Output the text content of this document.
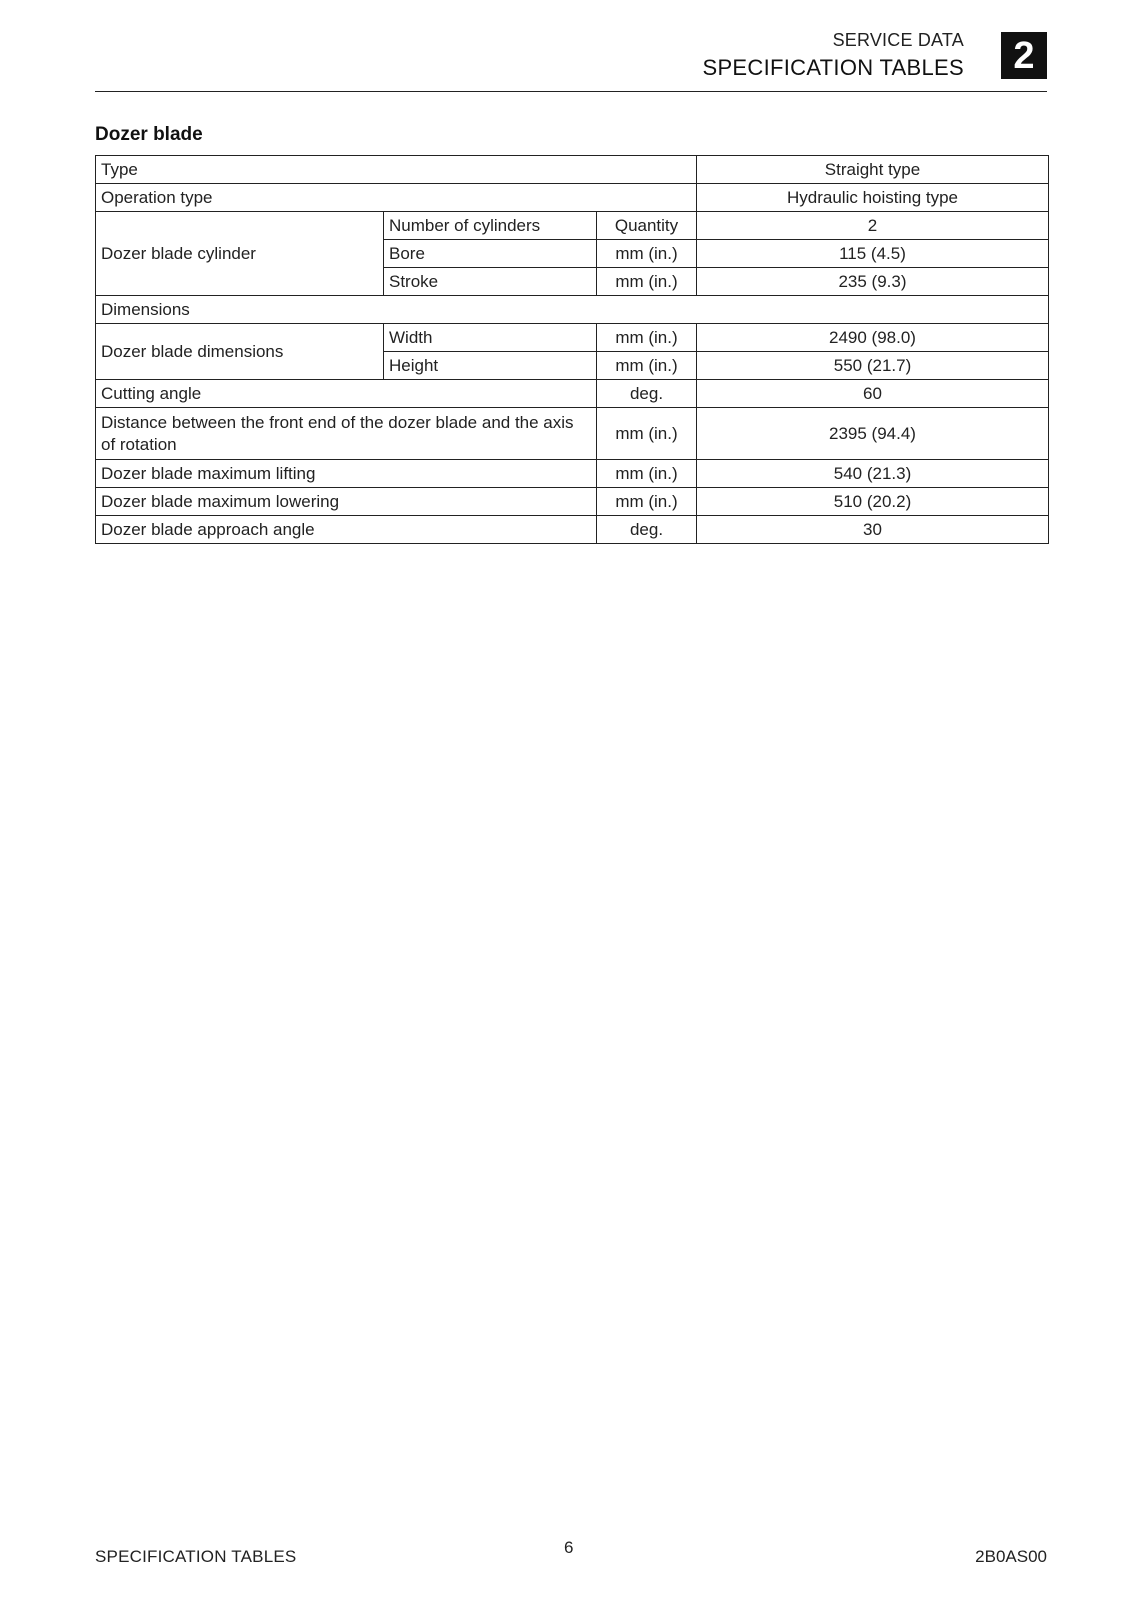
SERVICE DATA
SPECIFICATION TABLES	2
Dozer blade
Type			Straight type
Operation type			Hydraulic hoisting type
Dozer blade cylinder	Number of cylinders	Quantity	2
	Bore	mm (in.)	115 (4.5)
	Stroke	mm (in.)	235 (9.3)
Dimensions			
Dozer blade dimensions	Width	mm (in.)	2490 (98.0)
	Height	mm (in.)	550 (21.7)
Cutting angle		deg.	60
Distance between the front end of the dozer blade and the axis of rotation		mm (in.)	2395 (94.4)
Dozer blade maximum lifting		mm (in.)	540 (21.3)
Dozer blade maximum lowering		mm (in.)	510 (20.2)
Dozer blade approach angle		deg.	30
SPECIFICATION TABLES	6	2B0AS00
